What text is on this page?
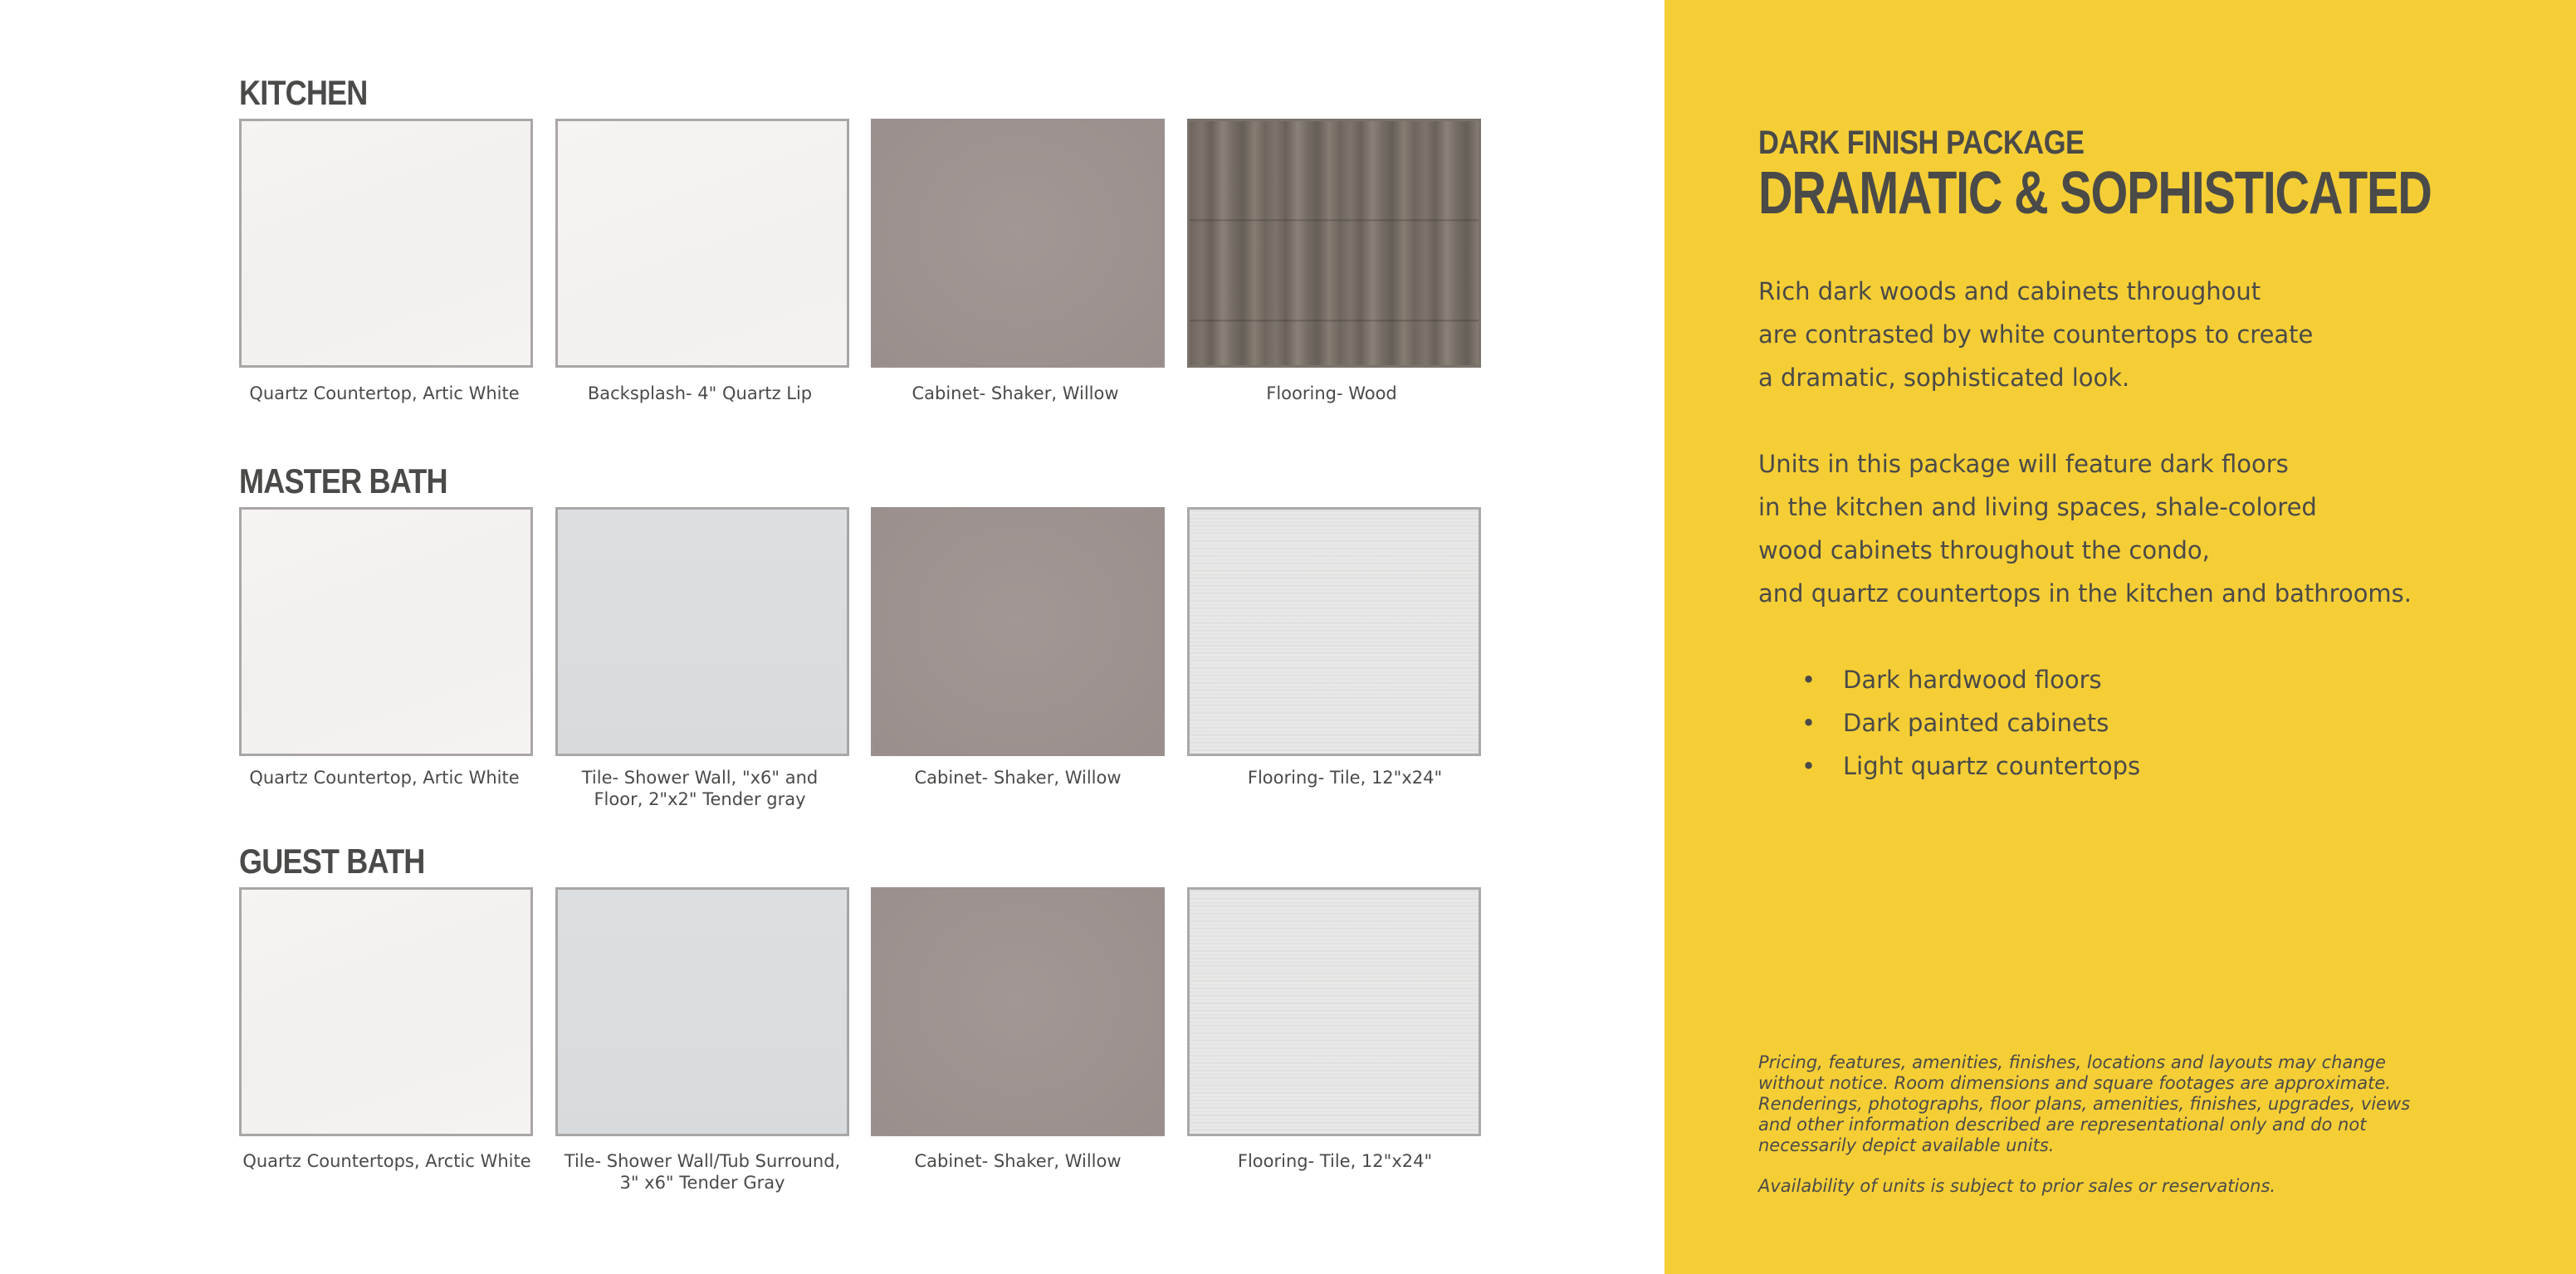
KITCHEN
Quartz Countertop, Artic White	Backsplash- 4" Quartz Lip	Cabinet- Shaker, Willow	Flooring- Wood
MASTER BATH
Quartz Countertop, Artic White	Tile- Shower Wall, "x6" and
Floor, 2"x2" Tender gray
Cabinet- Shaker, Willow	Flooring- Tile, 12"x24"
GUEST BATH
Quartz Countertops, Arctic White	Tile- Shower Wall/Tub Surround,
3" x6" Tender Gray
Cabinet- Shaker, Willow	Flooring- Tile, 12"x24"
DARK FINISH PACKAGE
DRAMATIC & SOPHISTICATED
Rich dark woods and cabinets throughout
are contrasted by white countertops to create
a dramatic, sophisticated look.
Units in this package will feature dark floors
in the kitchen and living spaces, shale-colored
wood cabinets throughout the condo,
and quartz countertops in the kitchen and bathrooms.
• Dark hardwood floors
• Dark painted cabinets
• Light quartz countertops
Pricing, features, amenities, finishes, locations and layouts may change
without notice. Room dimensions and square footages are approximate.
Renderings, photographs, floor plans, amenities, finishes, upgrades, views
and other information described are representational only and do not
necessarily depict available units.
Availability of units is subject to prior sales or reservations.
